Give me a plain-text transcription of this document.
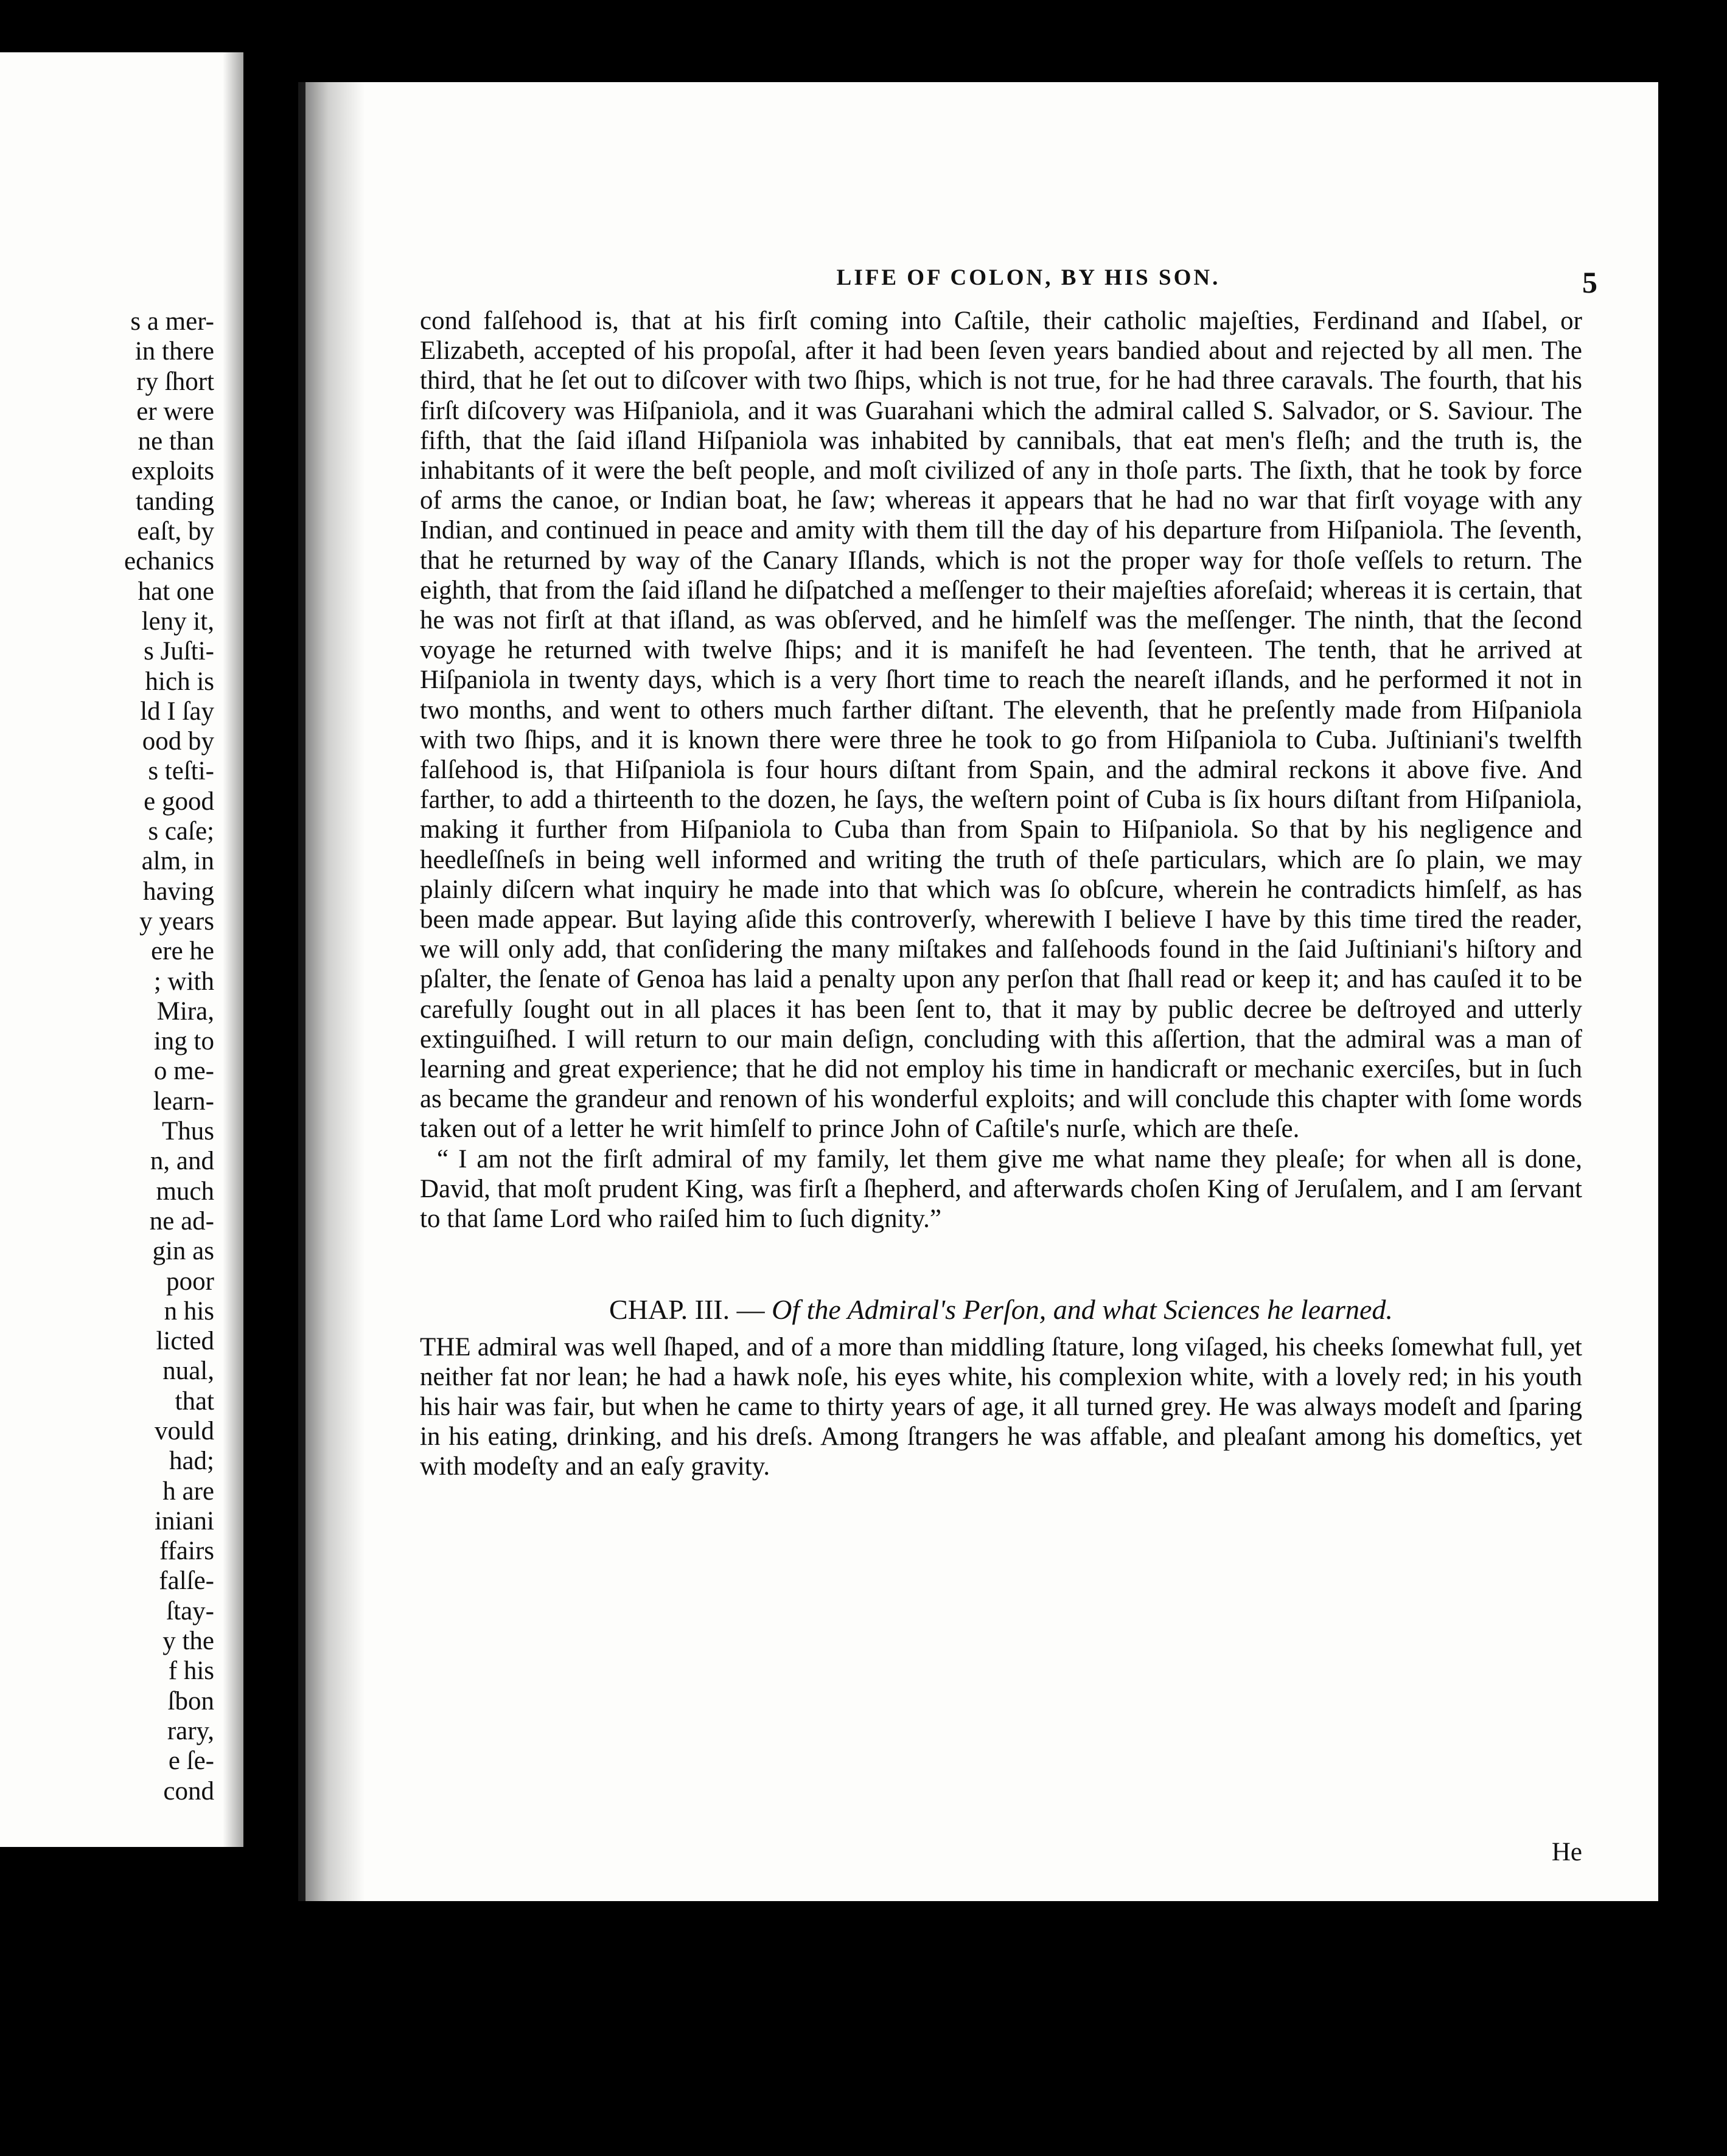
s a mer-
in there
ry ſhort
er were
ne than
exploits
tanding
eaſt, by
echanics
hat one
leny it,
s Juſti-
hich is
ld I ſay
ood by
s teſti-
e good
s caſe;
alm, in
having
y years
ere he
; with
Mira,
ing to
o me-
learn-
Thus
n, and
much
ne ad-
gin as
poor
n his
licted
nual,
that
vould
had;
h are
iniani
ffairs
falſe-
ſtay-
y the
f his
ſbon
rary,
e ſe-
cond
LIFE OF COLON, BY HIS SON.	5

cond falſehood is, that at his firſt coming into Caſtile, their catholic majeſties, Ferdinand and Iſabel, or Elizabeth, accepted of his propoſal, after it had been ſeven years bandied about and rejected by all men. The third, that he ſet out to diſcover with two ſhips, which is not true, for he had three caravals. The fourth, that his firſt diſcovery was Hiſpaniola, and it was Guarahani which the admiral called S. Salvador, or S. Saviour. The fifth, that the ſaid iſland Hiſpaniola was inhabited by cannibals, that eat men's fleſh; and the truth is, the inhabitants of it were the beſt people, and moſt civilized of any in thoſe parts. The ſixth, that he took by force of arms the canoe, or Indian boat, he ſaw; whereas it appears that he had no war that firſt voyage with any Indian, and continued in peace and amity with them till the day of his departure from Hiſpaniola. The ſeventh, that he returned by way of the Canary Iſlands, which is not the proper way for thoſe veſſels to return. The eighth, that from the ſaid iſland he diſpatched a meſſenger to their majeſties aforeſaid; whereas it is certain, that he was not firſt at that iſland, as was obſerved, and he himſelf was the meſſenger. The ninth, that the ſecond voyage he returned with twelve ſhips; and it is manifeſt he had ſeventeen. The tenth, that he arrived at Hiſpaniola in twenty days, which is a very ſhort time to reach the neareſt iſlands, and he performed it not in two months, and went to others much farther diſtant. The eleventh, that he preſently made from Hiſpaniola with two ſhips, and it is known there were three he took to go from Hiſpaniola to Cuba. Juſtiniani's twelfth falſehood is, that Hiſpaniola is four hours diſtant from Spain, and the admiral reckons it above five. And farther, to add a thirteenth to the dozen, he ſays, the weſtern point of Cuba is ſix hours diſtant from Hiſpaniola, making it further from Hiſpaniola to Cuba than from Spain to Hiſpaniola. So that by his negligence and heedleſſneſs in being well informed and writing the truth of theſe particulars, which are ſo plain, we may plainly diſcern what inquiry he made into that which was ſo obſcure, wherein he contradicts himſelf, as has been made appear. But laying aſide this controverſy, wherewith I believe I have by this time tired the reader, we will only add, that conſidering the many miſtakes and falſehoods found in the ſaid Juſtiniani's hiſtory and pſalter, the ſenate of Genoa has laid a penalty upon any perſon that ſhall read or keep it; and has cauſed it to be carefully ſought out in all places it has been ſent to, that it may by public decree be deſtroyed and utterly extinguiſhed. I will return to our main deſign, concluding with this aſſertion, that the admiral was a man of learning and great experience; that he did not employ his time in handicraft or mechanic exerciſes, but in ſuch as became the grandeur and renown of his wonderful exploits; and will conclude this chapter with ſome words taken out of a letter he writ himſelf to prince John of Caſtile's nurſe, which are theſe.

“ I am not the firſt admiral of my family, let them give me what name they pleaſe; for when all is done, David, that moſt prudent King, was firſt a ſhepherd, and afterwards choſen King of Jeruſalem, and I am ſervant to that ſame Lord who raiſed him to ſuch dignity.”

CHAP. III. — Of the Admiral's Perſon, and what Sciences he learned.

THE admiral was well ſhaped, and of a more than middling ſtature, long viſaged, his cheeks ſomewhat full, yet neither fat nor lean; he had a hawk noſe, his eyes white, his complexion white, with a lovely red; in his youth his hair was fair, but when he came to thirty years of age, it all turned grey. He was always modeſt and ſparing in his eating, drinking, and his dreſs. Among ſtrangers he was affable, and pleaſant among his domeſtics, yet with modeſty and an eaſy gravity.

He
